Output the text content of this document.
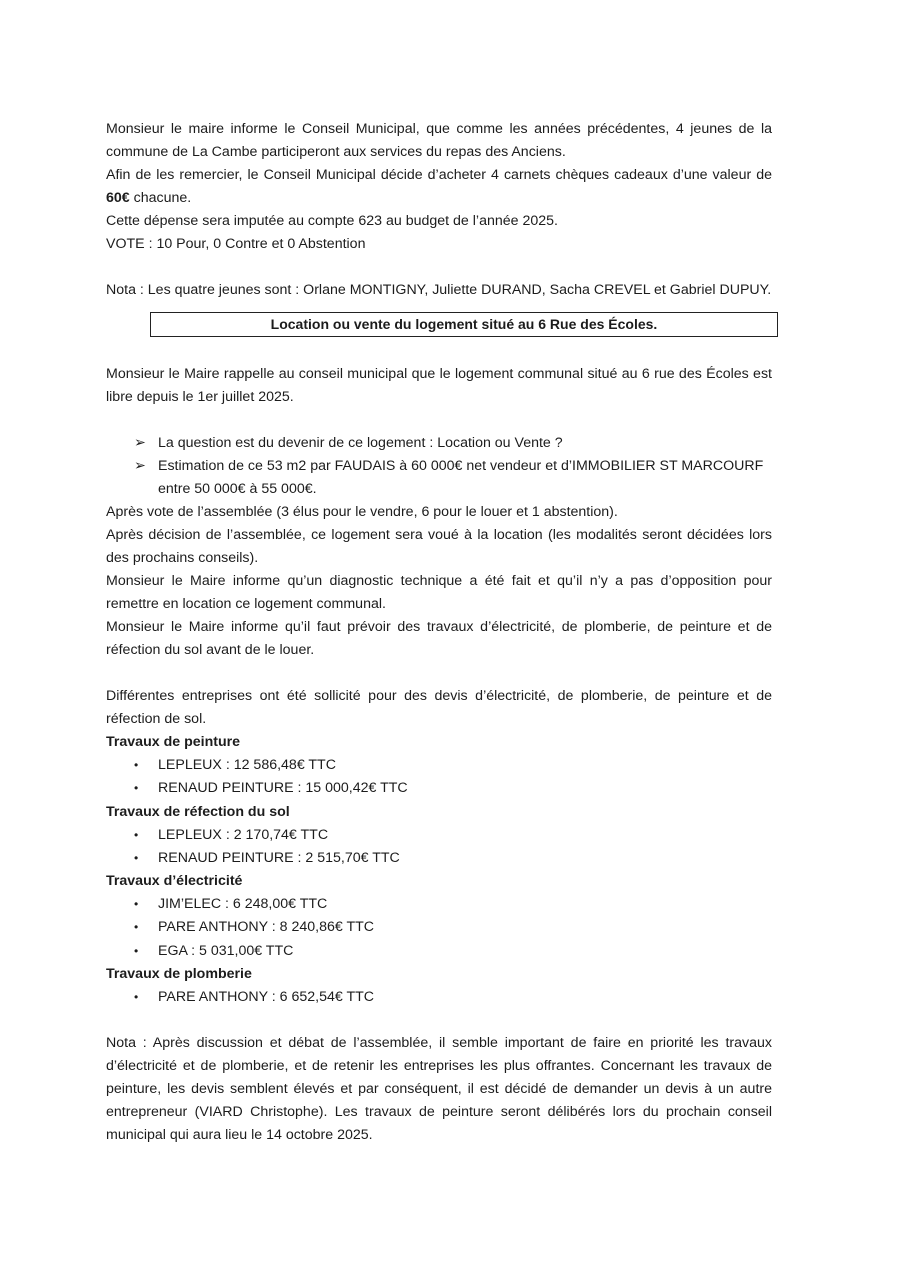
Monsieur le maire informe le Conseil Municipal, que comme les années précédentes, 4 jeunes de la commune de La Cambe participeront aux services du repas des Anciens.

Afin de les remercier, le Conseil Municipal décide d’acheter 4 carnets chèques cadeaux d’une valeur de 60€ chacune.

Cette dépense sera imputée au compte 623 au budget de l’année 2025.

VOTE : 10 Pour, 0 Contre et 0 Abstention

Nota : Les quatre jeunes sont : Orlane MONTIGNY, Juliette DURAND, Sacha CREVEL et Gabriel DUPUY.

Location ou vente du logement situé au 6 Rue des Écoles.

Monsieur le Maire rappelle au conseil municipal que le logement communal situé au 6 rue des Écoles est libre depuis le 1er juillet 2025.

➢ La question est du devenir de ce logement : Location ou Vente ?
➢ Estimation de ce 53 m2 par FAUDAIS à 60 000€ net vendeur et d’IMMOBILIER ST MARCOURF entre 50 000€ à 55 000€.

Après vote de l’assemblée (3 élus pour le vendre, 6 pour le louer et 1 abstention).

Après décision de l’assemblée, ce logement sera voué à la location (les modalités seront décidées lors des prochains conseils).

Monsieur le Maire informe qu’un diagnostic technique a été fait et qu’il n’y a pas d’opposition pour remettre en location ce logement communal.

Monsieur le Maire informe qu’il faut prévoir des travaux d’électricité, de plomberie, de peinture et de réfection du sol avant de le louer.

Différentes entreprises ont été sollicité pour des devis d’électricité, de plomberie, de peinture et de réfection de sol.

Travaux de peinture
• LEPLEUX : 12 586,48€ TTC
• RENAUD PEINTURE : 15 000,42€ TTC
Travaux de réfection du sol
• LEPLEUX : 2 170,74€ TTC
• RENAUD PEINTURE : 2 515,70€ TTC
Travaux d’électricité
• JIM’ELEC : 6 248,00€ TTC
• PARE ANTHONY : 8 240,86€ TTC
• EGA : 5 031,00€ TTC
Travaux de plomberie
• PARE ANTHONY : 6 652,54€ TTC

Nota : Après discussion et débat de l’assemblée, il semble important de faire en priorité les travaux d’électricité et de plomberie, et de retenir les entreprises les plus offrantes. Concernant les travaux de peinture, les devis semblent élevés et par conséquent, il est décidé de demander un devis à un autre entrepreneur (VIARD Christophe). Les travaux de peinture seront délibérés lors du prochain conseil municipal qui aura lieu le 14 octobre 2025.
